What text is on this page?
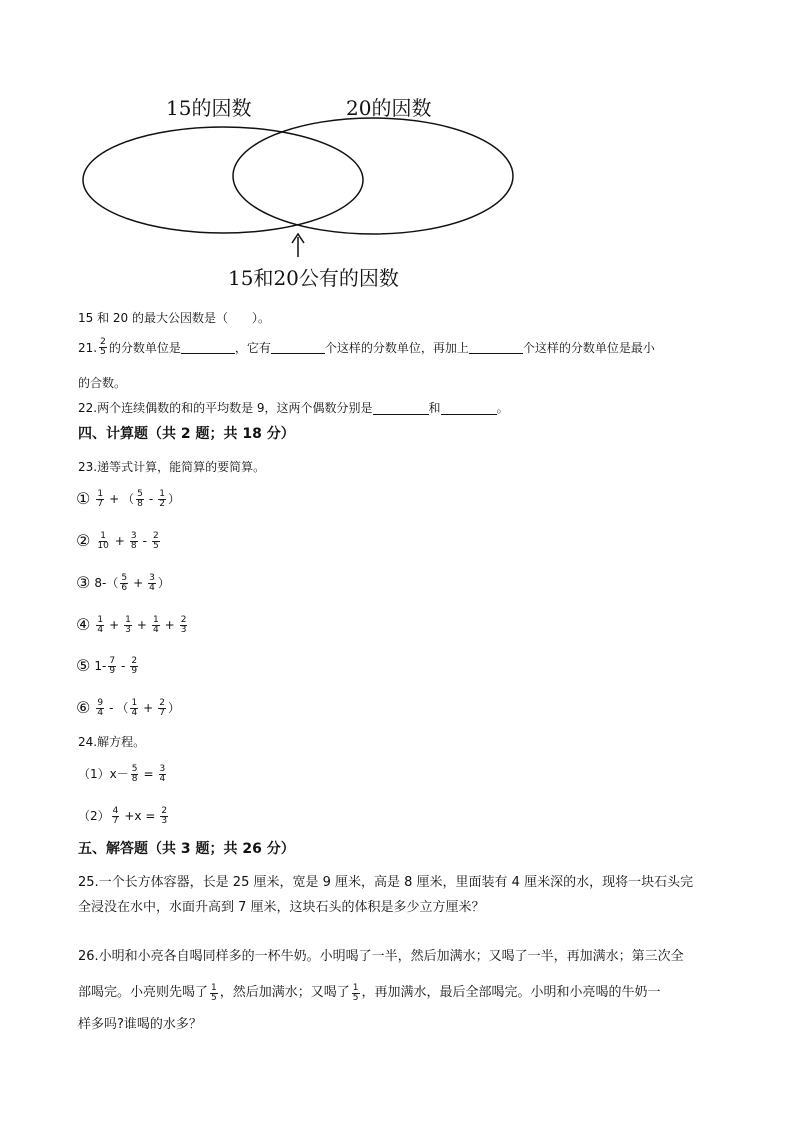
15的因数	20的因数
15和20公有的因数
15 和 20 的最大公因数是（　　）。
21. $\frac{2}{5}$ 的分数单位是	，它有	个这样的分数单位，再加上	个这样的分数单位是最小
的合数。
22.两个连续偶数的和的平均数是 9，这两个偶数分别是	和	。
四、计算题（共 2 题；共 18 分）
23.递等式计算，能简算的要简算。
① $\frac{1}{7}$ + （ $\frac{5}{8} - \frac{1}{2}$ ）
② $\frac{1}{10} + \frac{3}{8} - \frac{2}{5}$
③ 8- （ $\frac{5}{6} + \frac{3}{4}$ ）
④ $\frac{1}{4} + \frac{1}{3} + \frac{1}{4} + \frac{2}{3}$
⑤ $1- \frac{7}{9} - \frac{2}{9}$
⑥ $\frac{9}{4}$ - （ $\frac{1}{4} + \frac{2}{7}$ ）
24.解方程。
$(1)x- \frac{5}{8} = \frac{3}{4}$
$(2) \frac{4}{7} +x = \frac{2}{3}$
五、解答题（共 3 题；共 26 分）
25.一个长方体容器，长是 25 厘米，宽是 9 厘米，高是 8 厘米，里面装有 4 厘米深的水，现将一块石头完
全浸没在水中，水面升高到 7 厘米，这块石头的体积是多少立方厘米？
26.小明和小亮各自喝同样多的一杯牛奶。小明喝了一半，然后加满水；又喝了一半，再加满水；第三次全
部喝完。小亮则先喝了 $\frac{1}{5}$ ，然后加满水；又喝了 $\frac{1}{5}$ ，再加满水，最后全部喝完。小明和小亮喝的牛奶一
样多吗?谁喝的水多？
